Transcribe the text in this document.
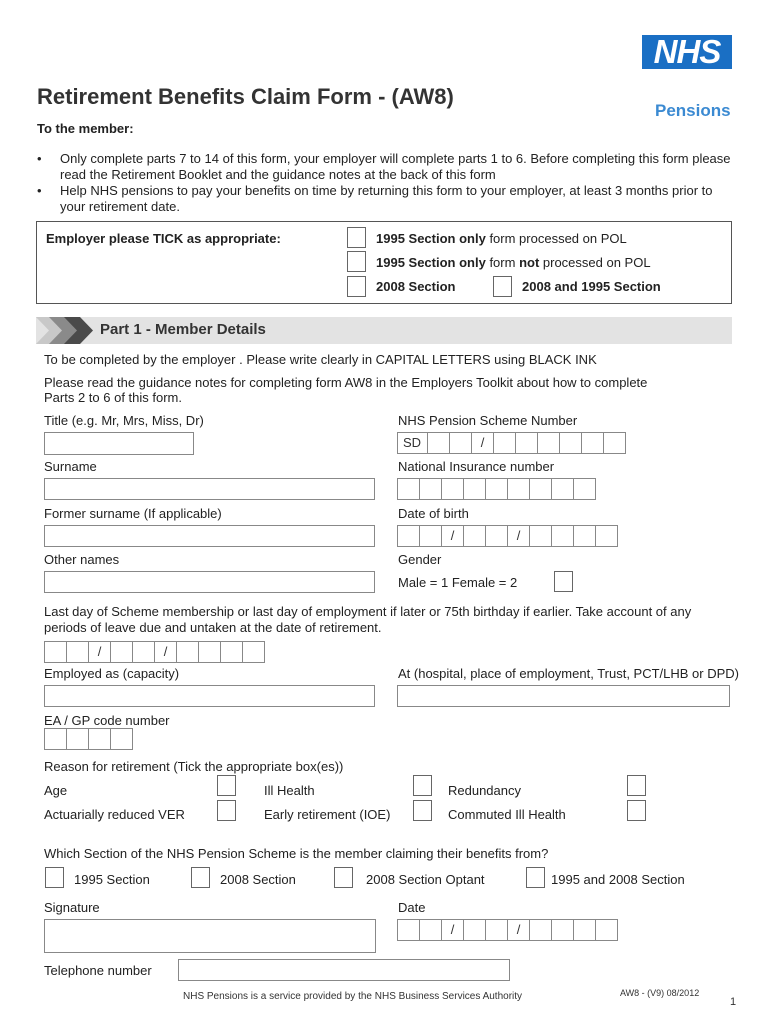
NHS
Pensions
Retirement Benefits Claim Form - (AW8)
To the member:
• Only complete parts 7 to 14 of this form, your employer will complete parts 1 to 6. Before completing this form please read the Retirement Booklet and the guidance notes at the back of this form
• Help NHS pensions to pay your benefits on time by returning this form to your employer, at least 3 months prior to your retirement date.
Employer please TICK as appropriate:	1995 Section only form processed on POL
1995 Section only form not processed on POL
2008 Section	2008 and 1995 Section
Part 1 - Member Details
To be completed by the employer . Please write clearly in CAPITAL LETTERS using BLACK INK
Please read the guidance notes for completing form AW8 in the Employers Toolkit about how to complete Parts 2 to 6 of this form.
Title (e.g. Mr, Mrs, Miss, Dr)	NHS Pension Scheme Number
SD	/
Surname	National Insurance number
Former surname (If applicable)	Date of birth
/	/
Other names	Gender
Male = 1 Female = 2
Last day of Scheme membership or last day of employment if later or 75th birthday if earlier. Take account of any periods of leave due and untaken at the date of retirement.
/	/
Employed as (capacity)	At (hospital, place of employment, Trust, PCT/LHB or DPD)
EA / GP code number
Reason for retirement (Tick the appropriate box(es))
Age	Ill Health	Redundancy
Actuarially reduced VER	Early retirement (IOE)	Commuted Ill Health
Which Section of the NHS Pension Scheme is the member claiming their benefits from?
1995 Section	2008 Section	2008 Section Optant	1995 and 2008 Section
Signature	Date
/	/
Telephone number
NHS Pensions is a service provided by the NHS Business Services Authority	AW8 - (V9) 08/2012
1
